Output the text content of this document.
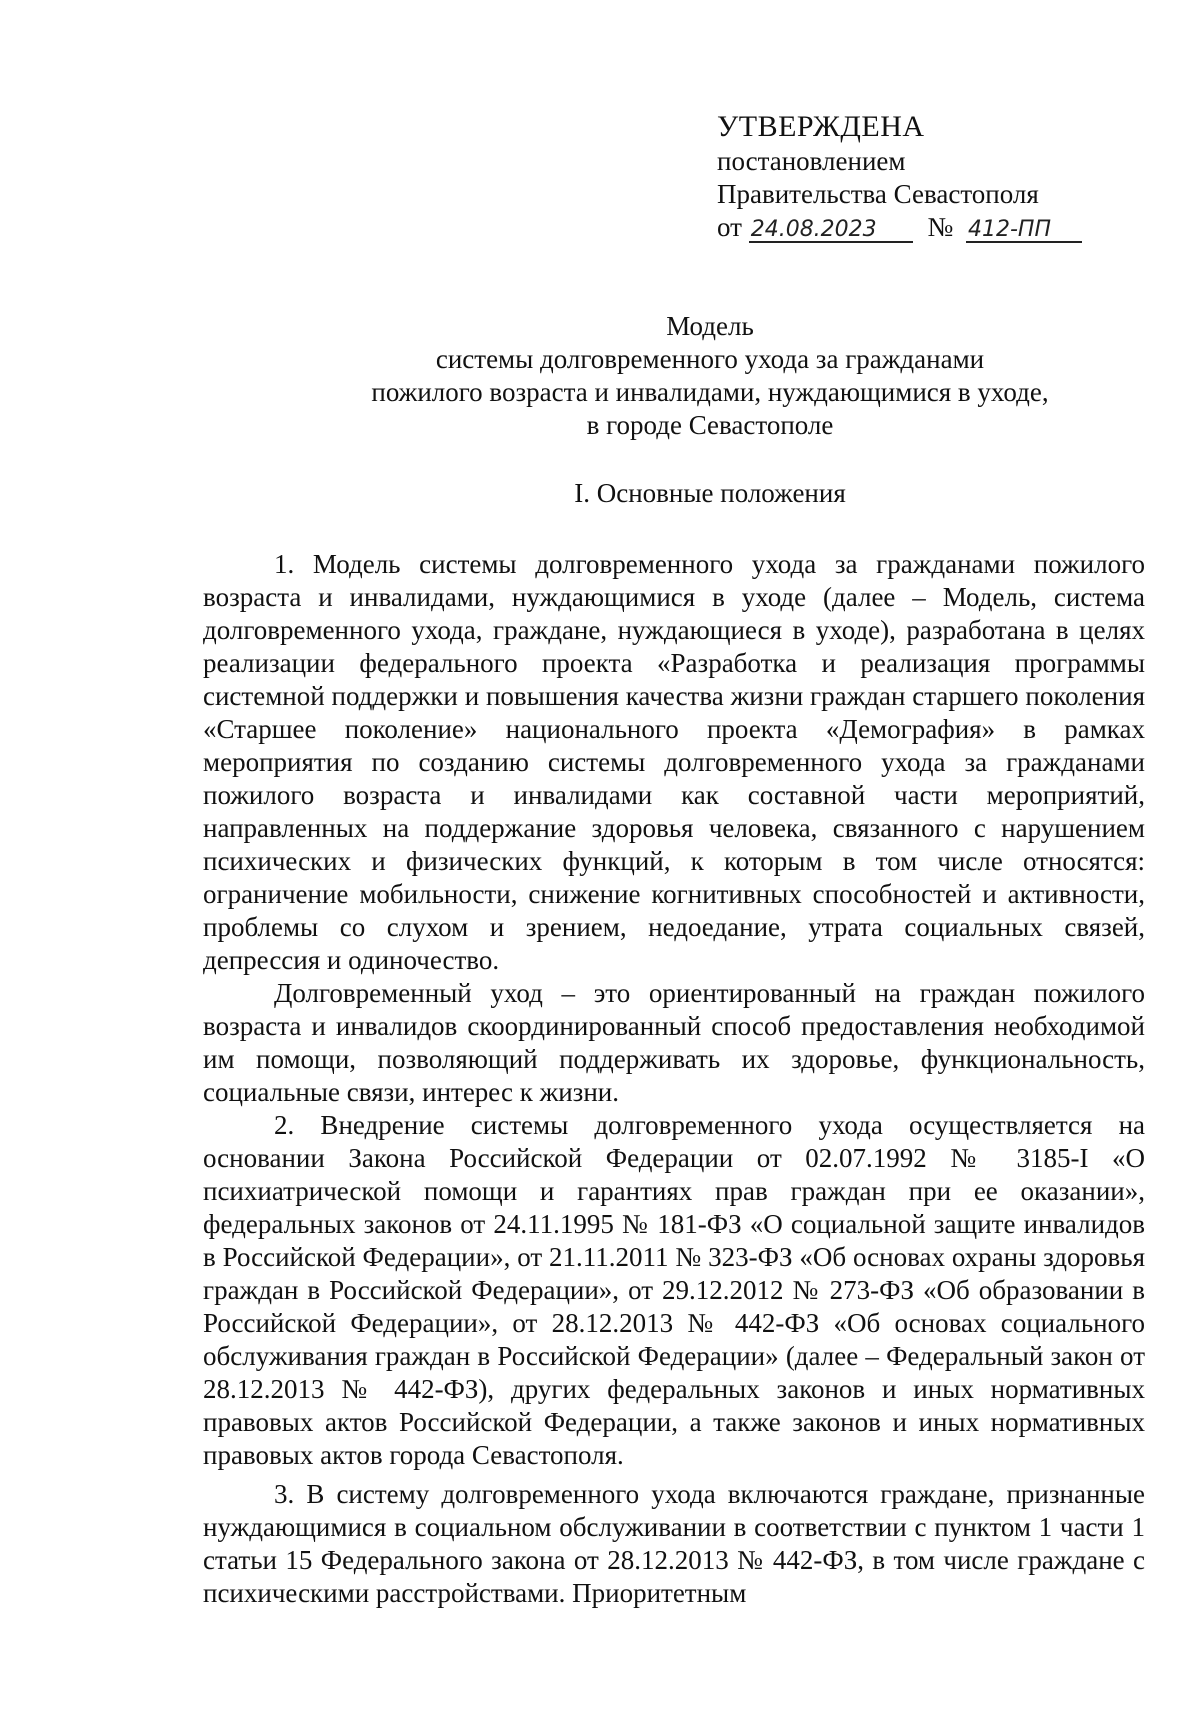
УТВЕРЖДЕНА
постановлением
Правительства Севастополя
от 24.08.2023 № 412-ПП
Модель
системы долговременного ухода за гражданами
пожилого возраста и инвалидами, нуждающимися в уходе,
в городе Севастополе
I. Основные положения

1. Модель системы долговременного ухода за гражданами пожилого возраста и инвалидами, нуждающимися в уходе (далее – Модель, система долговременного ухода, граждане, нуждающиеся в уходе), разработана в целях реализации федерального проекта «Разработка и реализация программы системной поддержки и повышения качества жизни граждан старшего поколения «Старшее поколение» национального проекта «Демография» в рамках мероприятия по созданию системы долговременного ухода за гражданами пожилого возраста и инвалидами как составной части мероприятий, направленных на поддержание здоровья человека, связанного с нарушением психических и физических функций, к которым в том числе относятся: ограничение мобильности, снижение когнитивных способностей и активности, проблемы со слухом и зрением, недоедание, утрата социальных связей, депрессия и одиночество.

Долговременный уход – это ориентированный на граждан пожилого возраста и инвалидов скоординированный способ предоставления необходимой им помощи, позволяющий поддерживать их здоровье, функциональность, социальные связи, интерес к жизни.

2. Внедрение системы долговременного ухода осуществляется на основании Закона Российской Федерации от 02.07.1992 № 3185-I «О психиатрической помощи и гарантиях прав граждан при ее оказании», федеральных законов от 24.11.1995 № 181-ФЗ «О социальной защите инвалидов в Российской Федерации», от 21.11.2011 № 323-ФЗ «Об основах охраны здоровья граждан в Российской Федерации», от 29.12.2012 № 273-ФЗ «Об образовании в Российской Федерации», от 28.12.2013 № 442-ФЗ «Об основах социального обслуживания граждан в Российской Федерации» (далее – Федеральный закон от 28.12.2013 № 442-ФЗ), других федеральных законов и иных нормативных правовых актов Российской Федерации, а также законов и иных нормативных правовых актов города Севастополя.

3. В систему долговременного ухода включаются граждане, признанные нуждающимися в социальном обслуживании в соответствии с пунктом 1 части 1 статьи 15 Федерального закона от 28.12.2013 № 442-ФЗ, в том числе граждане с психическими расстройствами. Приоритетным
